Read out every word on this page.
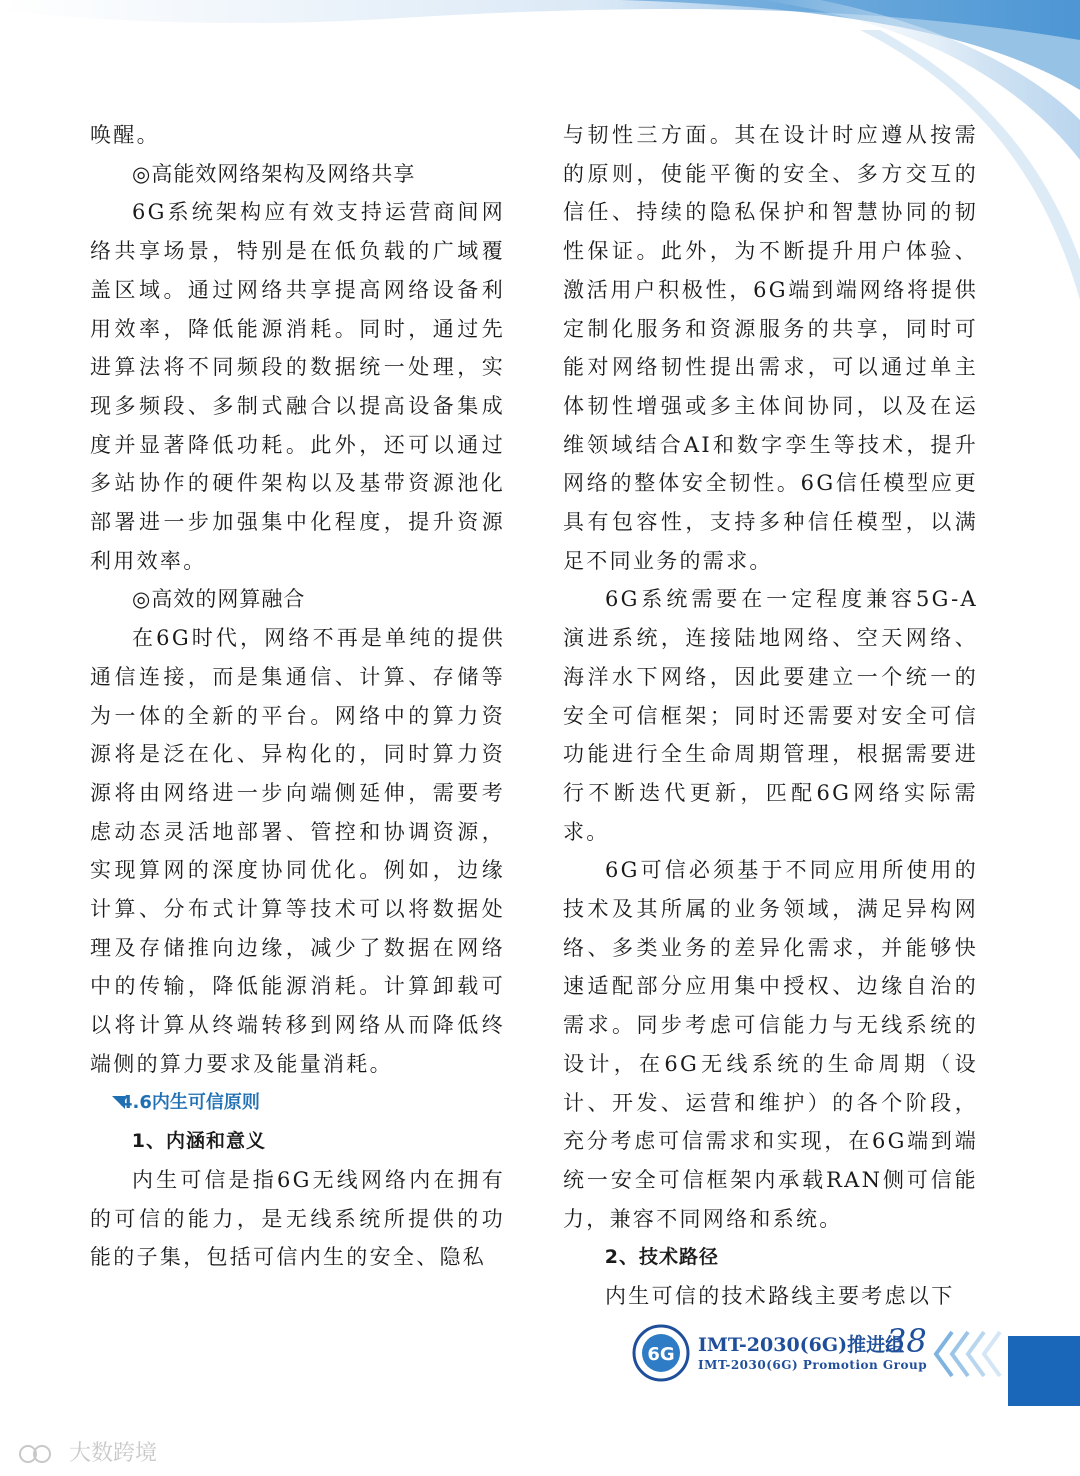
唤醒。

◎高能效网络架构及网络共享

6G系统架构应有效支持运营商间网络共享场景，特别是在低负载的广域覆盖区域。通过网络共享提高网络设备利用效率，降低能源消耗。同时，通过先进算法将不同频段的数据统一处理，实现多频段、多制式融合以提高设备集成度并显著降低功耗。此外，还可以通过多站协作的硬件架构以及基带资源池化部署进一步加强集中化程度，提升资源利用效率。

◎高效的网算融合

在6G时代，网络不再是单纯的提供通信连接，而是集通信、计算、存储等为一体的全新的平台。网络中的算力资源将是泛在化、异构化的，同时算力资源将由网络进一步向端侧延伸，需要考虑动态灵活地部署、管控和协调资源，实现算网的深度协同优化。例如，边缘计算、分布式计算等技术可以将数据处理及存储推向边缘，减少了数据在网络中的传输，降低能源消耗。计算卸载可以将计算从终端转移到网络从而降低终端侧的算力要求及能量消耗。

4.6内生可信原则
1、内涵和意义

内生可信是指6G无线网络内在拥有的可信的能力，是无线系统所提供的功能的子集，包括可信内生的安全、隐私

与韧性三方面。其在设计时应遵从按需的原则，使能平衡的安全、多方交互的信任、持续的隐私保护和智慧协同的韧性保证。此外，为不断提升用户体验、激活用户积极性，6G端到端网络将提供定制化服务和资源服务的共享，同时可能对网络韧性提出需求，可以通过单主体韧性增强或多主体间协同，以及在运维领域结合AI和数字孪生等技术，提升网络的整体安全韧性。6G信任模型应更具有包容性，支持多种信任模型，以满足不同业务的需求。

6G系统需要在一定程度兼容5G-A演进系统，连接陆地网络、空天网络、海洋水下网络，因此要建立一个统一的安全可信框架；同时还需要对安全可信功能进行全生命周期管理，根据需要进行不断迭代更新，匹配6G网络实际需求。

6G可信必须基于不同应用所使用的技术及其所属的业务领域，满足异构网络、多类业务的差异化需求，并能够快速适配部分应用集中授权、边缘自治的需求。同步考虑可信能力与无线系统的设计，在6G无线系统的生命周期（设计、开发、运营和维护）的各个阶段，充分考虑可信需求和实现，在6G端到端统一安全可信框架内承载RAN侧可信能力，兼容不同网络和系统。

2、技术路径

内生可信的技术路线主要考虑以下

6G IMT-2030(6G)推进组
IMT-2030(6G) Promotion Group
38
大数跨境
